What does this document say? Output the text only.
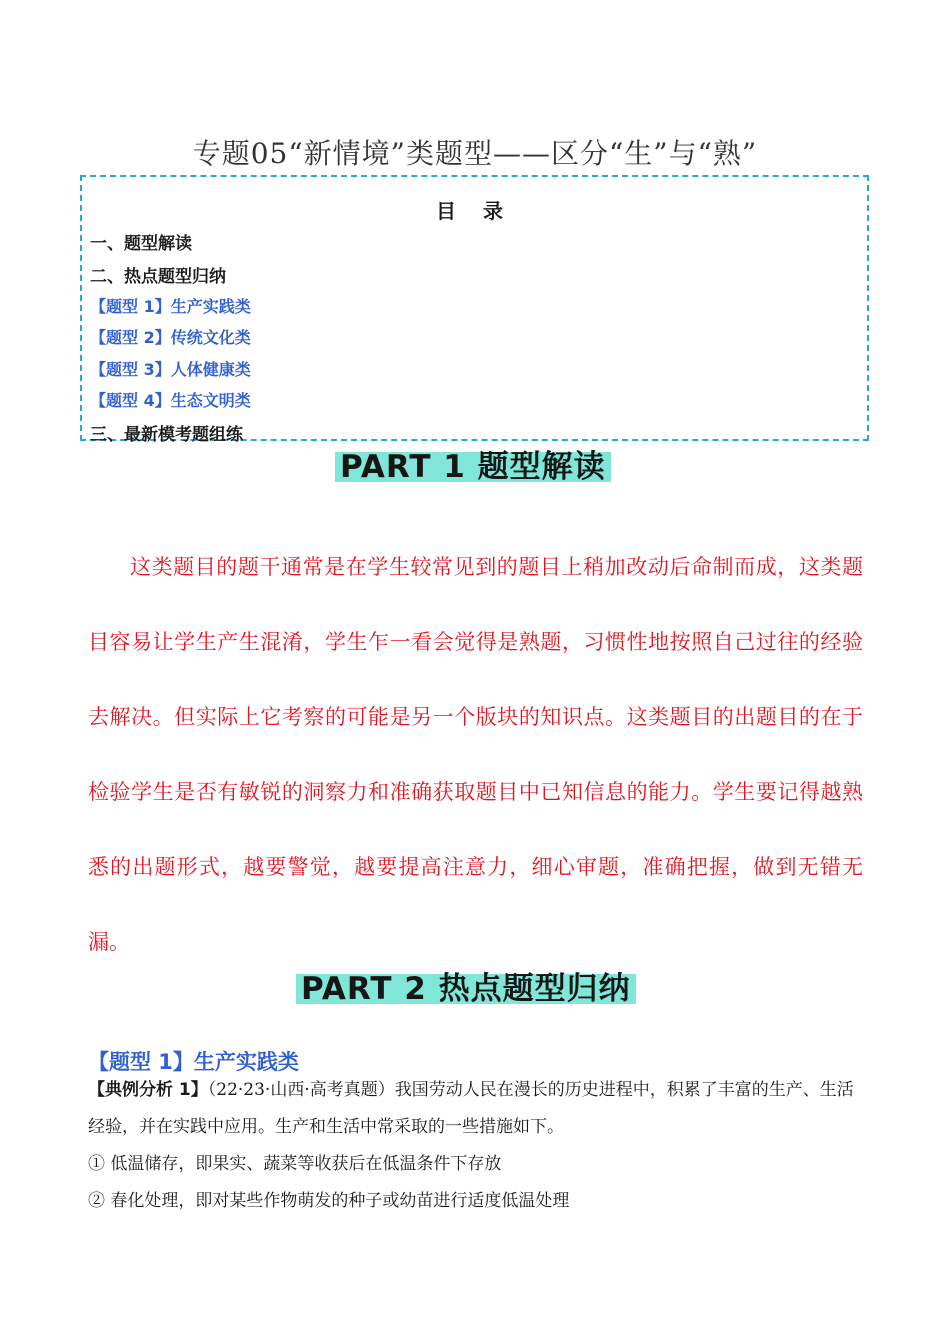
专题05“新情境”类题型——区分“生”与“熟”
目 录
一、题型解读
二、热点题型归纳
【题型 1】生产实践类
【题型 2】传统文化类
【题型 3】人体健康类
【题型 4】生态文明类
三、最新模考题组练
PART 1 题型解读

这类题目的题干通常是在学生较常见到的题目上稍加改动后命制而成，这类题目容易让学生产生混淆，学生乍一看会觉得是熟题，习惯性地按照自己过往的经验去解决。但实际上它考察的可能是另一个版块的知识点。这类题目的出题目的在于检验学生是否有敏锐的洞察力和准确获取题目中已知信息的能力。学生要记得越熟悉的出题形式，越要警觉，越要提高注意力，细心审题，准确把握，做到无错无漏。

PART 2 热点题型归纳
【题型 1】生产实践类

【典例分析 1】（22·23·山西·高考真题）我国劳动人民在漫长的历史进程中，积累了丰富的生产、生活经验，并在实践中应用。生产和生活中常采取的一些措施如下。

① 低温储存，即果实、蔬菜等收获后在低温条件下存放

② 春化处理，即对某些作物萌发的种子或幼苗进行适度低温处理
